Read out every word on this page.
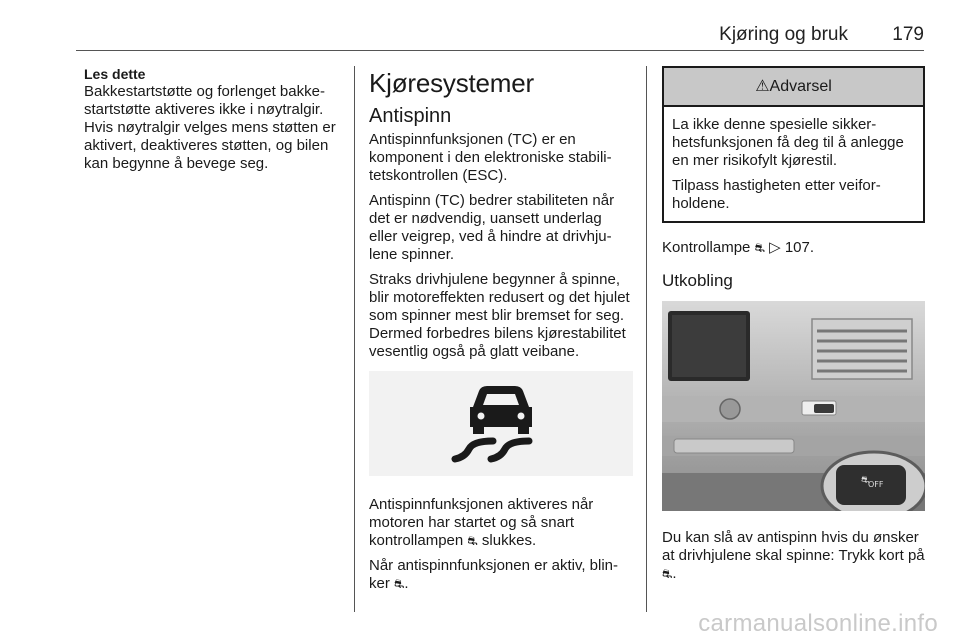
Kjøring og bruk 179
Les dette

Bakkestartstøtte og forlenget bakke-startstøtte aktiveres ikke i nøytralgir. Hvis nøytralgir velges mens støtten er aktivert, deaktiveres støtten, og bilen kan begynne å bevege seg.

Kjøresystemer
Antispinn

Antispinnfunksjonen (TC) er en komponent i den elektroniske stabili-tetskontrollen (ESC).

Antispinn (TC) bedrer stabiliteten når det er nødvendig, uansett underlag eller veigrep, ved å hindre at drivhju-lene spinner.

Straks drivhjulene begynner å spinne, blir motoreffekten redusert og det hjulet som spinner mest blir bremset for seg. Dermed forbedres bilens kjørestabilitet vesentlig også på glatt veibane.

Antispinnfunksjonen aktiveres når motoren har startet og så snart kontrollampen ⛐ slukkes.

Når antispinnfunksjonen er aktiv, blin-ker ⛐.

⚠Advarsel

La ikke denne spesielle sikker-hetsfunksjonen få deg til å anlegge en mer risikofylt kjørestil.

Tilpass hastigheten etter veifor-holdene.

Kontrollampe ⛐ ▷ 107.

Utkobling
OFF
⛐

Du kan slå av antispinn hvis du ønsker at drivhjulene skal spinne: Trykk kort på ⛐.

carmanualsonline.info
